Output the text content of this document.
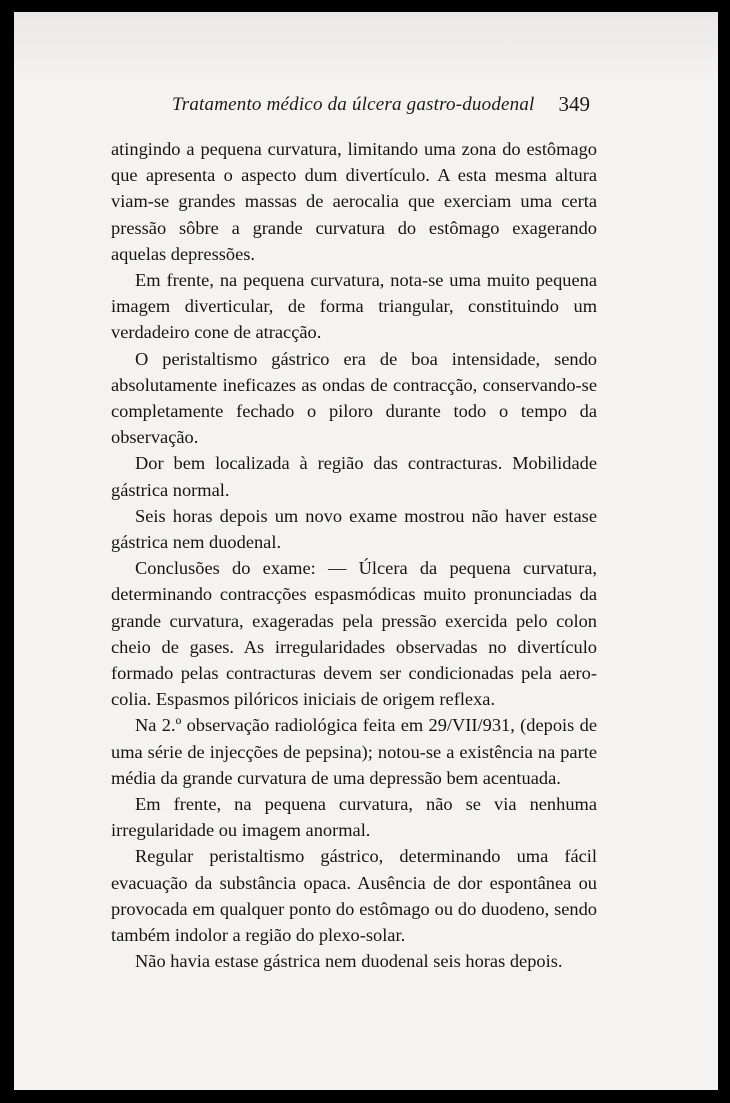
Tratamento médico da úlcera gastro-duodenal 349

atingindo a pequena curvatura, limitando uma zona do estômago que apresenta o aspecto dum divertículo. A esta mesma altura viam-se grandes massas de aerocalia que exerciam uma certa pressão sôbre a grande curvatura do estômago exagerando aquelas depressões.

Em frente, na pequena curvatura, nota-se uma muito pequena imagem diverticular, de forma triangular, constituindo um verdadeiro cone de atracção.

O peristaltismo gástrico era de boa intensidade, sendo absolutamente ineficazes as ondas de contracção, conservando-se completamente fechado o piloro durante todo o tempo da observação.

Dor bem localizada à região das contracturas. Mobilidade gástrica normal.

Seis horas depois um novo exame mostrou não haver estase gástrica nem duodenal.

Conclusões do exame: — Úlcera da pequena curvatura, determinando contracções espasmódicas muito pronunciadas da grande curvatura, exageradas pela pressão exercida pelo colon cheio de gases. As irregularidades observadas no divertículo formado pelas contracturas devem ser condicionadas pela aero-colia. Espasmos pilóricos iniciais de origem reflexa.

Na 2.º observação radiológica feita em 29/VII/931, (depois de uma série de injecções de pepsina); notou-se a existência na parte média da grande curvatura de uma depressão bem acentuada.

Em frente, na pequena curvatura, não se via nenhuma irregularidade ou imagem anormal.

Regular peristaltismo gástrico, determinando uma fácil evacuação da substância opaca. Ausência de dor espontânea ou provocada em qualquer ponto do estômago ou do duodeno, sendo também indolor a região do plexo-solar.

Não havia estase gástrica nem duodenal seis horas depois.
